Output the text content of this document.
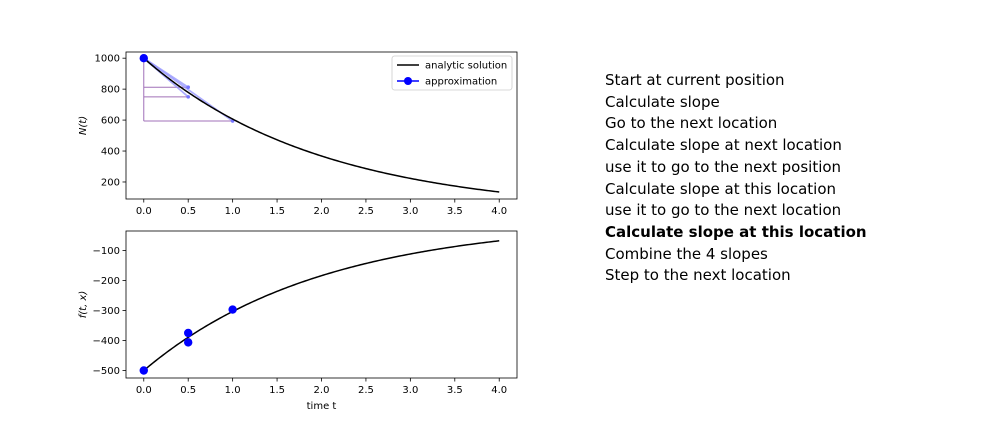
0.0	0.5	1.0	1.5	2.0	2.5	3.0	3.5	4.0
200
400
600
800
1000
N(t)
analytic solution
approximation
0.0	0.5	1.0	1.5	2.0	2.5	3.0	3.5	4.0
−500
−400
−300
−200
−100
f(t, x)
time t
Start at current position
Calculate slope
Go to the next location
Calculate slope at next location
use it to go to the next position
Calculate slope at this location
use it to go to the next location
Calculate slope at this location
Combine the 4 slopes
Step to the next location
